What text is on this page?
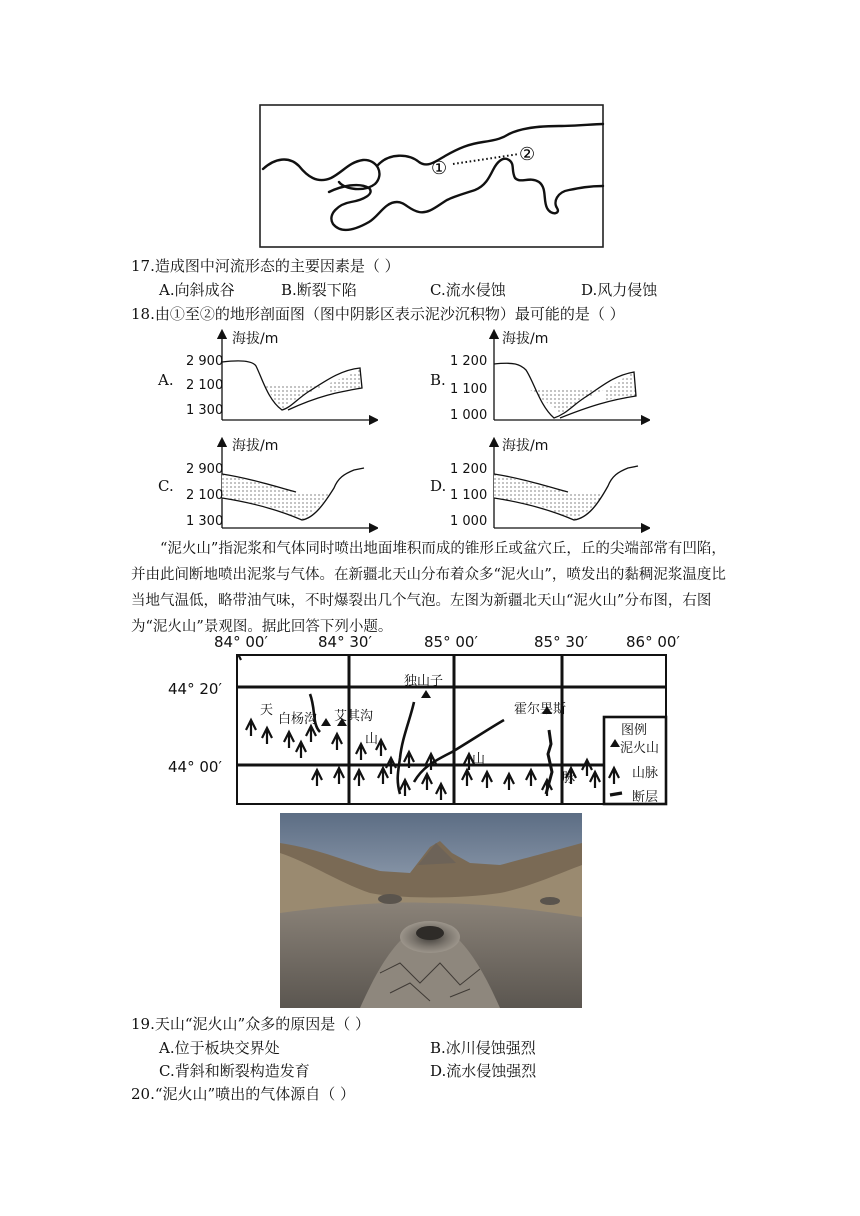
①
②
17.造成图中河流形态的主要因素是（ ）
A.向斜成谷	B.断裂下陷	C.流水侵蚀	D.风力侵蚀
18.由①至②的地形剖面图（图中阴影区表示泥沙沉积物）最可能的是（ ）
A.
海拔/m
2 900
2 100
1 300
B.
海拔/m
1 200
1 100
1 000
C.
海拔/m
2 900
2 100
1 300
D.
海拔/m
1 200
1 100
1 000
“泥火山”指泥浆和气体同时喷出地面堆积而成的锥形丘或盆穴丘，丘的尖端部常有凹陷，并由此间断地喷出泥浆与气体。在新疆北天山分布着众多“泥火山”，喷发出的黏稠泥浆温度比当地气温低，略带油气味，不时爆裂出几个气泡。左图为新疆北天山“泥火山”分布图，右图为“泥火山”景观图。据此回答下列小题。
84° 00′	84° 30′	85° 00′	85° 30′	86° 00′
44° 20′
44° 00′
独山子
白杨沟 艾其沟	霍尔果斯
天
山
山
脉
图例
泥火山
山脉
断层
19.天山“泥火山”众多的原因是（ ）
A.位于板块交界处	B.冰川侵蚀强烈
C.背斜和断裂构造发育	D.流水侵蚀强烈
20.“泥火山”喷出的气体源自（ ）
